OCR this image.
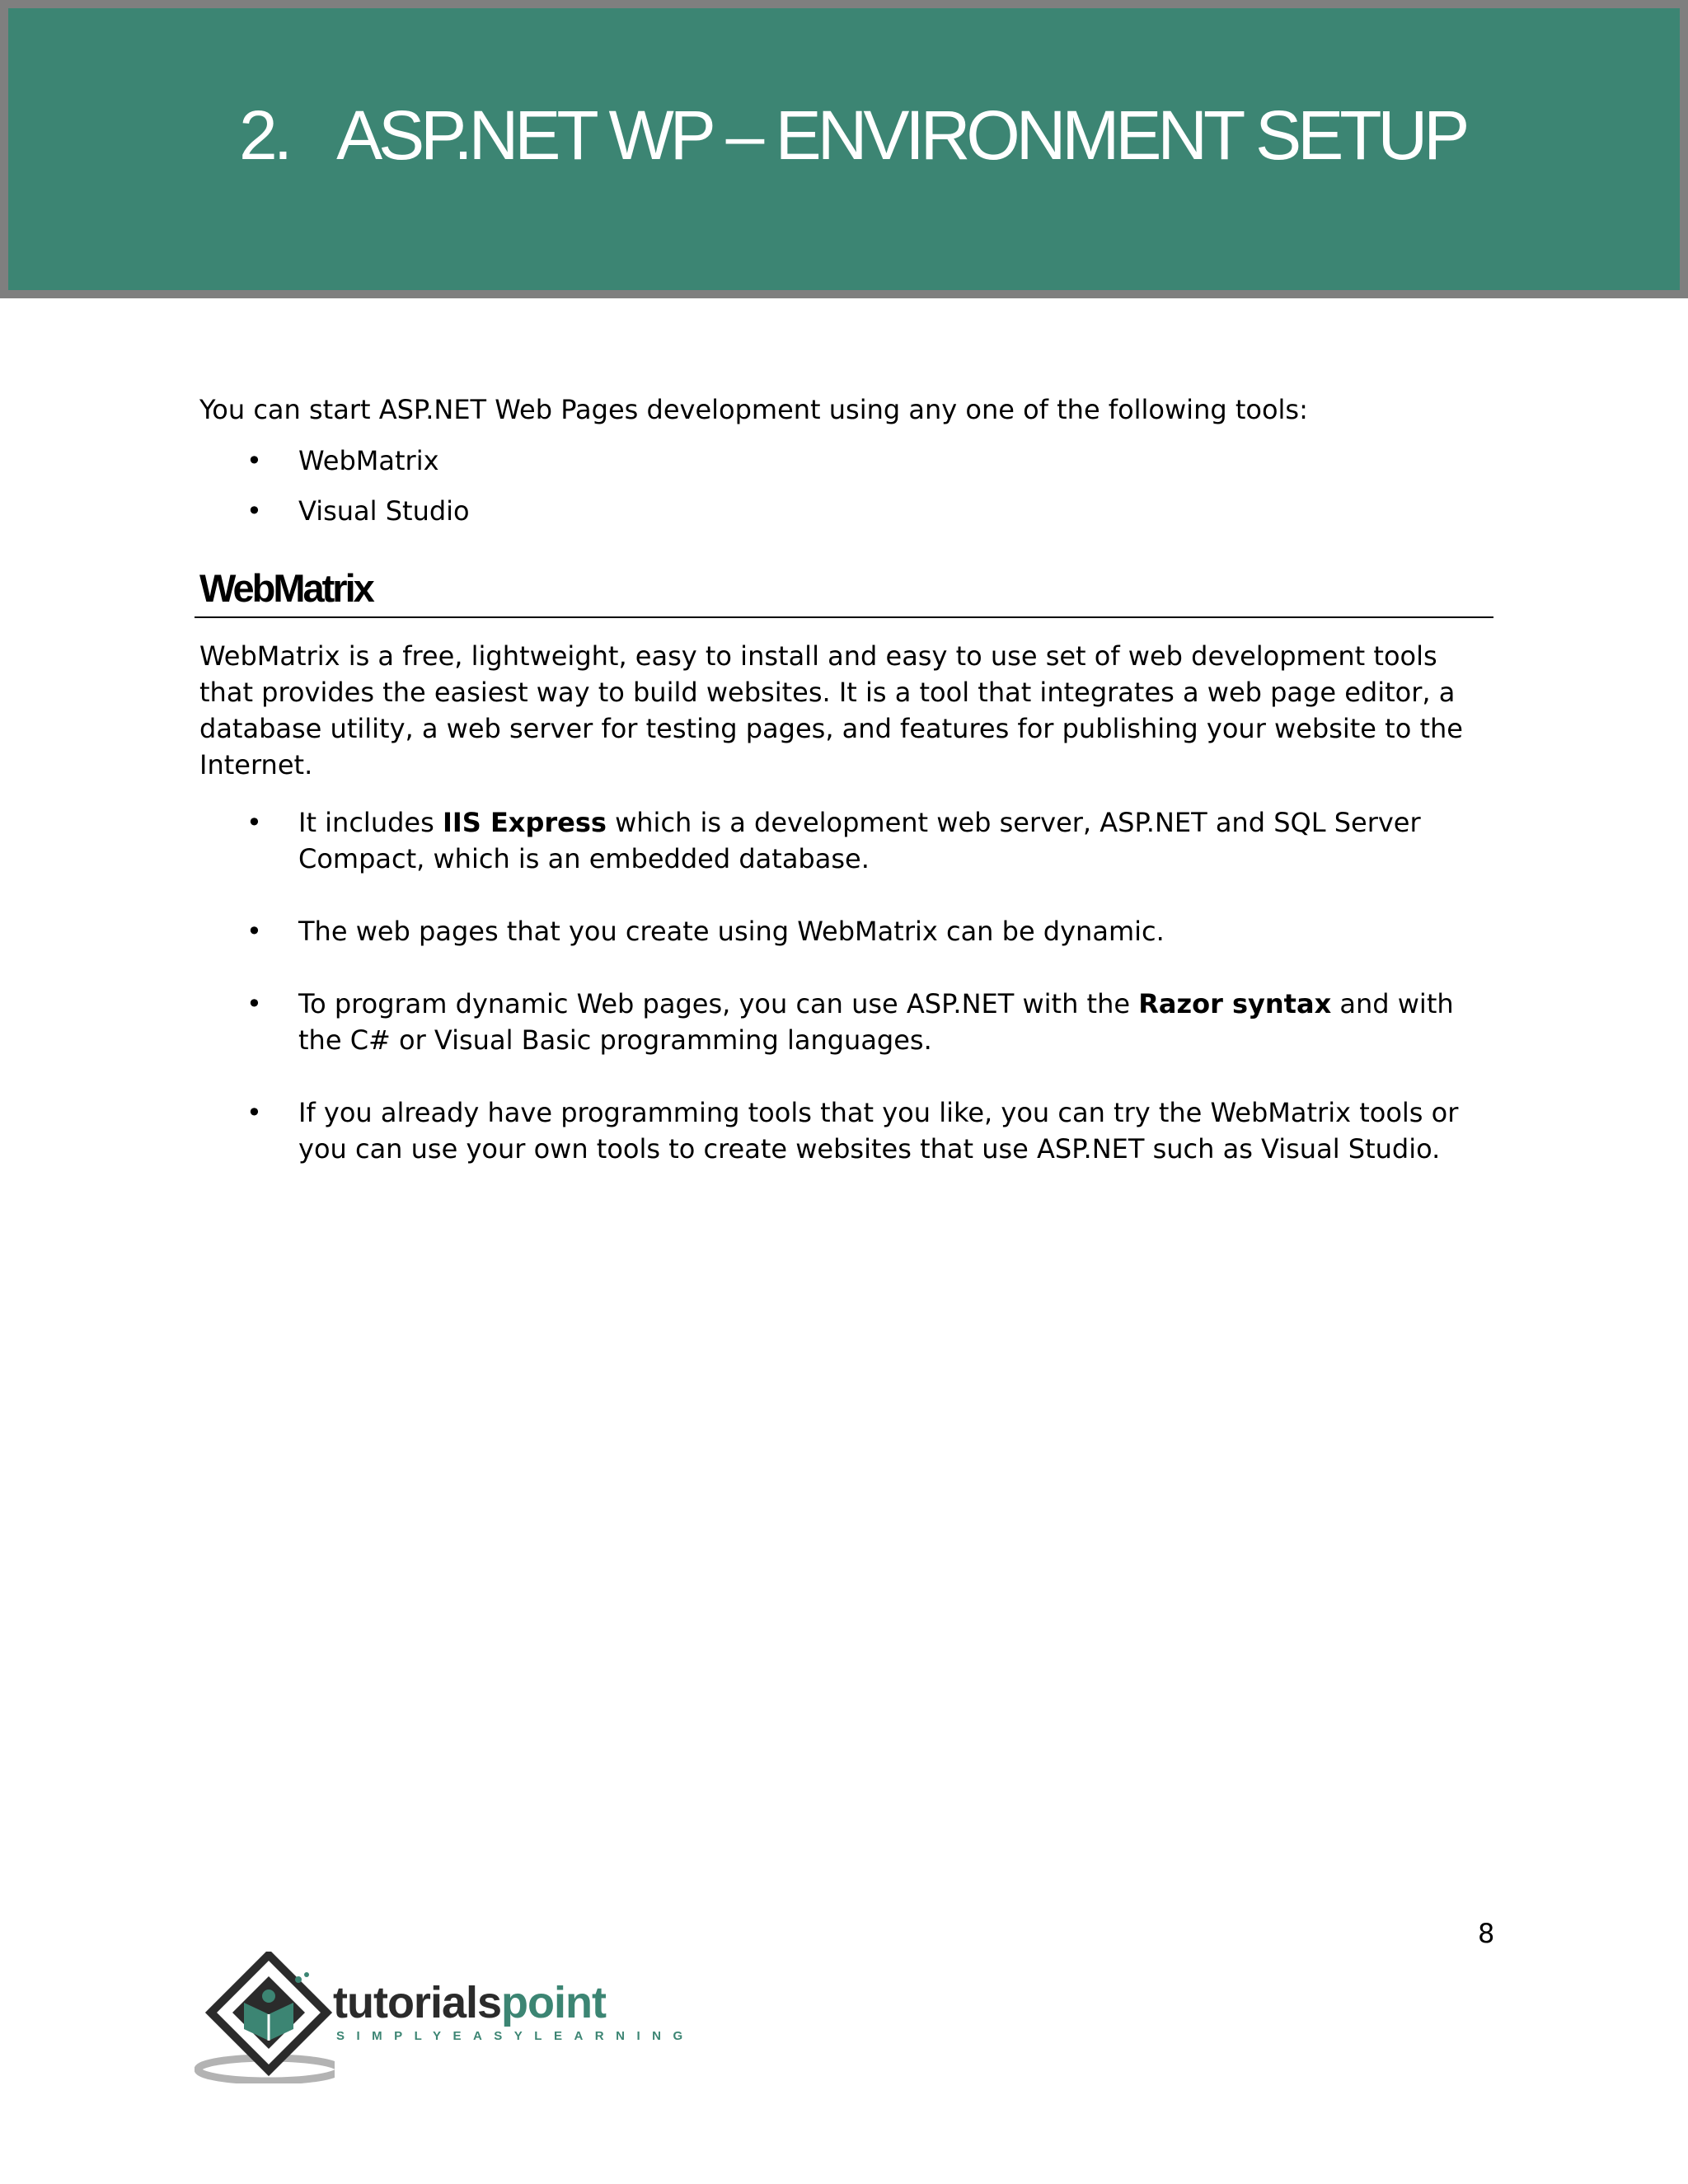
2. ASP.NET WP – ENVIRONMENT SETUP

You can start ASP.NET Web Pages development using any one of the following tools:

• WebMatrix
• Visual Studio
WebMatrix

WebMatrix is a free, lightweight, easy to install and easy to use set of web development tools that provides the easiest way to build websites. It is a tool that integrates a web page editor, a database utility, a web server for testing pages, and features for publishing your website to the Internet.

• It includes IIS Express which is a development web server, ASP.NET and SQL Server Compact, which is an embedded database.
• The web pages that you create using WebMatrix can be dynamic.
• To program dynamic Web pages, you can use ASP.NET with the Razor syntax and with the C# or Visual Basic programming languages.
• If you already have programming tools that you like, you can try the WebMatrix tools or you can use your own tools to create websites that use ASP.NET such as Visual Studio.
8
tutorialspoint
SIMPLYEASYLEARNING
